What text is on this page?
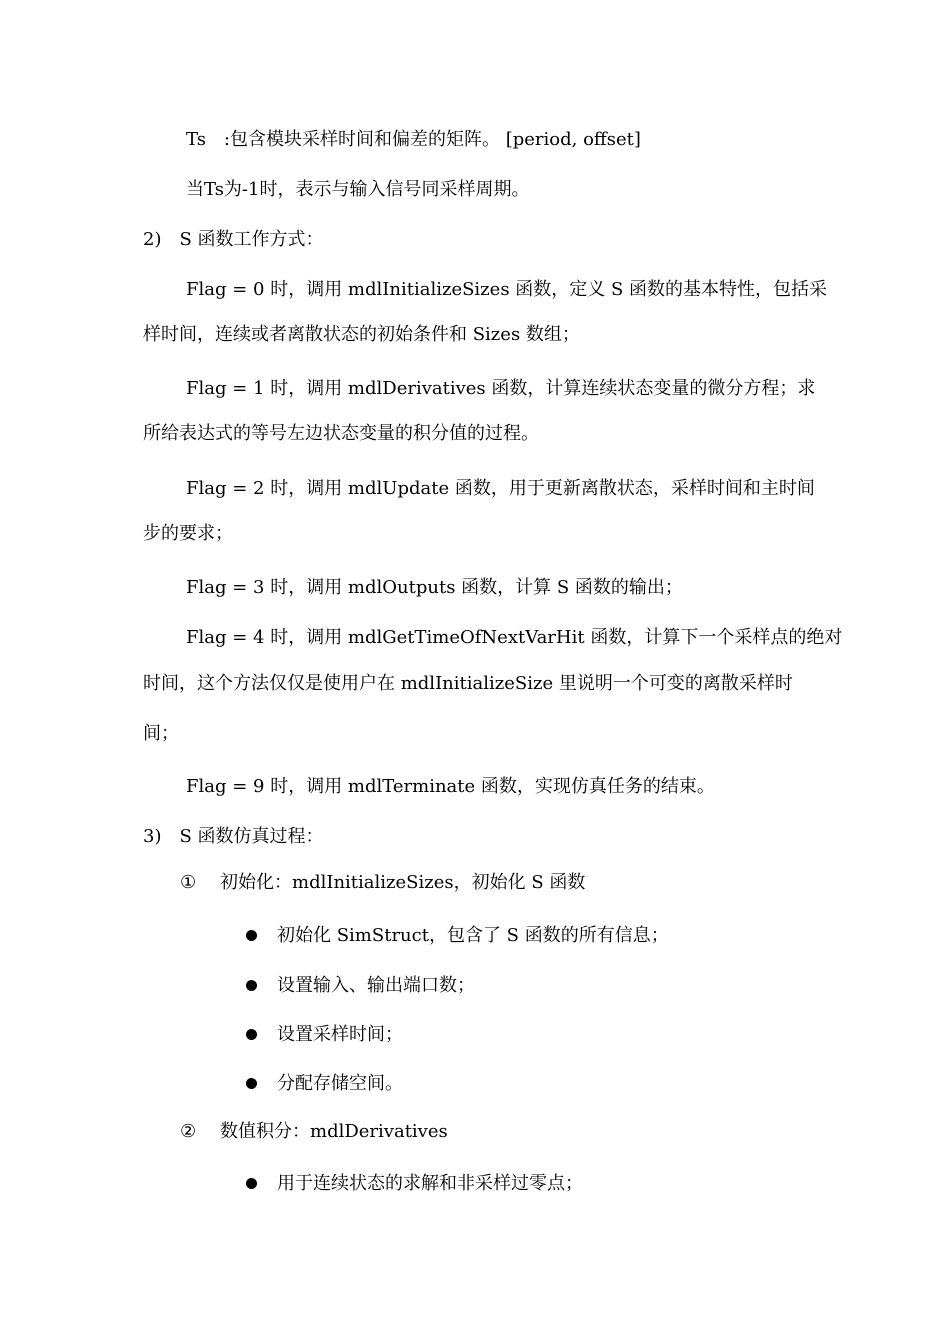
Ts　:包含模块采样时间和偏差的矩阵。 [period, offset]
当Ts为-1时，表示与输入信号同采样周期。
2) S 函数工作方式：
Flag = 0 时，调用 mdlInitializeSizes 函数，定义 S 函数的基本特性，包括采
样时间，连续或者离散状态的初始条件和 Sizes 数组；
Flag = 1 时，调用 mdlDerivatives 函数，计算连续状态变量的微分方程；求
所给表达式的等号左边状态变量的积分值的过程。
Flag = 2 时，调用 mdlUpdate 函数，用于更新离散状态，采样时间和主时间
步的要求；
Flag = 3 时，调用 mdlOutputs 函数，计算 S 函数的输出；
Flag = 4 时，调用 mdlGetTimeOfNextVarHit 函数，计算下一个采样点的绝对
时间，这个方法仅仅是使用户在 mdlInitializeSize 里说明一个可变的离散采样时
间；
Flag = 9 时，调用 mdlTerminate 函数，实现仿真任务的结束。
3) S 函数仿真过程：
① 初始化：mdlInitializeSizes，初始化 S 函数
初始化 SimStruct，包含了 S 函数的所有信息；
设置输入、输出端口数；
设置采样时间；
分配存储空间。
② 数值积分：mdlDerivatives
用于连续状态的求解和非采样过零点；
